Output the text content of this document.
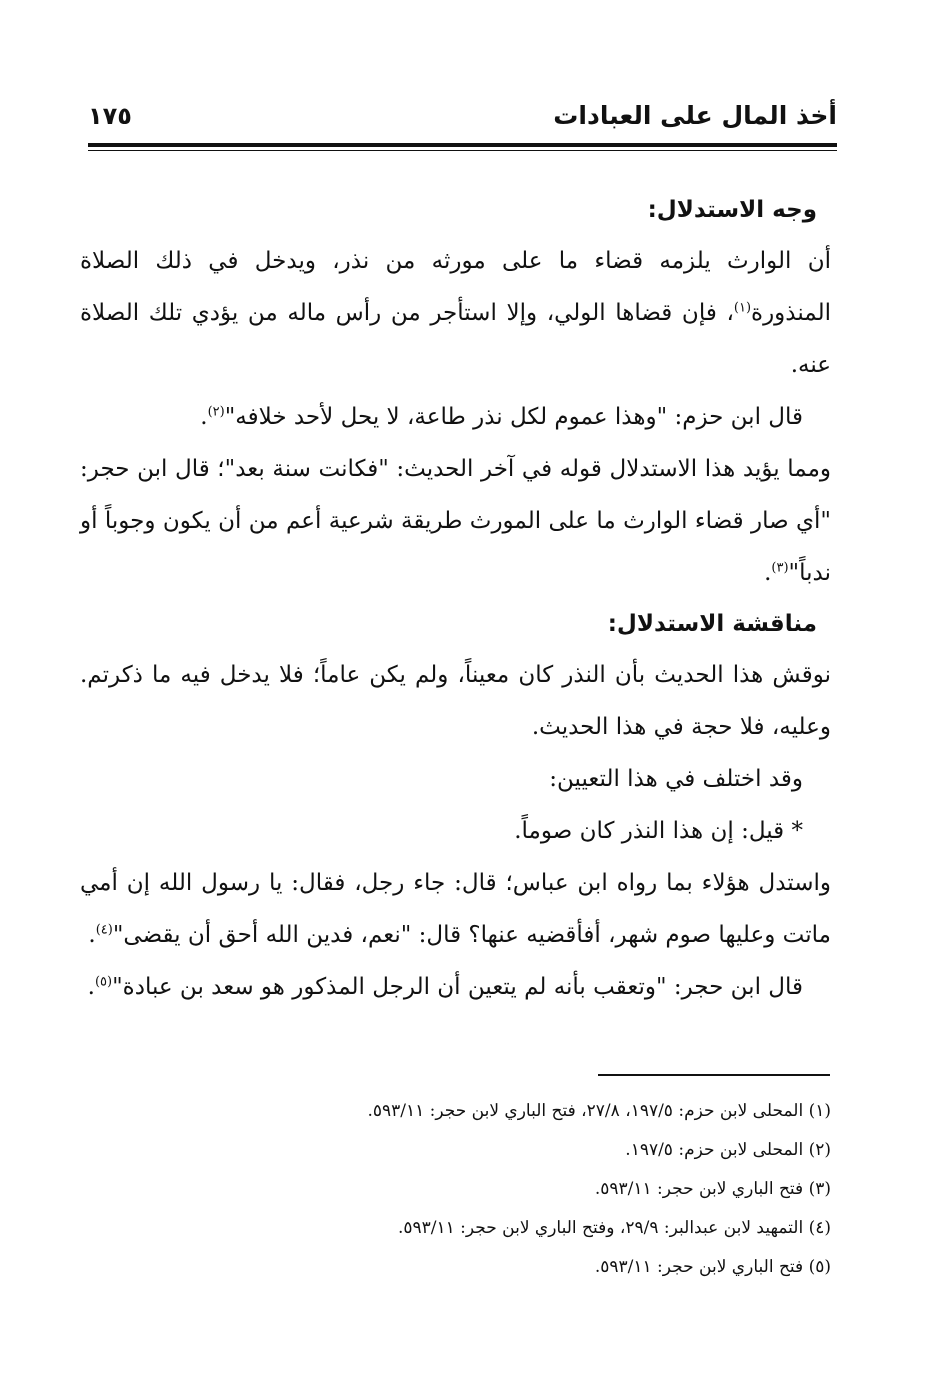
أخذ المال على العبادات
١٧٥
وجه الاستدلال:

أن الوارث يلزمه قضاء ما على مورثه من نذر، ويدخل في ذلك الصلاة المنذورة$^{(١)}$، فإن قضاها الولي، وإلا استأجر من رأس ماله من يؤدي تلك الصلاة عنه.

قال ابن حزم: "وهذا عموم لكل نذر طاعة، لا يحل لأحد خلافه"$^{(٢)}$.

ومما يؤيد هذا الاستدلال قوله في آخر الحديث: "فكانت سنة بعد"؛ قال ابن حجر: "أي صار قضاء الوارث ما على المورث طريقة شرعية أعم من أن يكون وجوباً أو ندباً"$^{(٣)}$.

مناقشة الاستدلال:

نوقش هذا الحديث بأن النذر كان معيناً، ولم يكن عاماً؛ فلا يدخل فيه ما ذكرتم. وعليه، فلا حجة في هذا الحديث.

وقد اختلف في هذا التعيين:

* قيل: إن هذا النذر كان صوماً.

واستدل هؤلاء بما رواه ابن عباس؛ قال: جاء رجل، فقال: يا رسول الله إن أمي ماتت وعليها صوم شهر، أفأقضيه عنها؟ قال: "نعم، فدين الله أحق أن يقضى"$^{(٤)}$.

قال ابن حجر: "وتعقب بأنه لم يتعين أن الرجل المذكور هو سعد بن عبادة"$^{(٥)}$.

(١) المحلى لابن حزم: ١٩٧/٥، ٢٧/٨، فتح الباري لابن حجر: ٥٩٣/١١.
(٢) المحلى لابن حزم: ١٩٧/٥.
(٣) فتح الباري لابن حجر: ٥٩٣/١١.
(٤) التمهيد لابن عبدالبر: ٢٩/٩، وفتح الباري لابن حجر: ٥٩٣/١١.
(٥) فتح الباري لابن حجر: ٥٩٣/١١.
